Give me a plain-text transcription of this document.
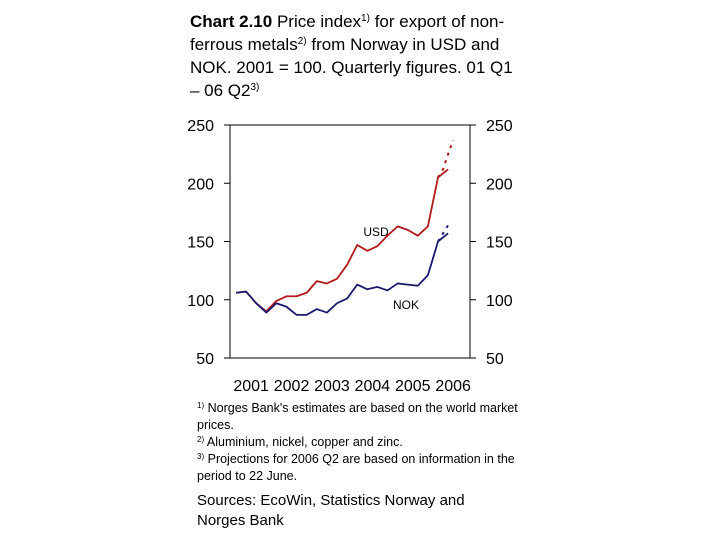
Chart 2.10 Price index$^{1)}$ for export of non-ferrous metals$^{2)}$ from Norway in USD and NOK. 2001 = 100. Quarterly figures. 01 Q1 – 06 Q2$^{3)}$
50	50
100	100
150	150
200	200
250	250
2001 2002 2003 2004 2005 2006
USD
NOK

$^{1)}$ Norges Bank's estimates are based on the world market prices.

$^{2)}$ Aluminium, nickel, copper and zinc.

$^{3)}$ Projections for 2006 Q2 are based on information in the period to 22 June.

Sources: EcoWin, Statistics Norway and Norges Bank
